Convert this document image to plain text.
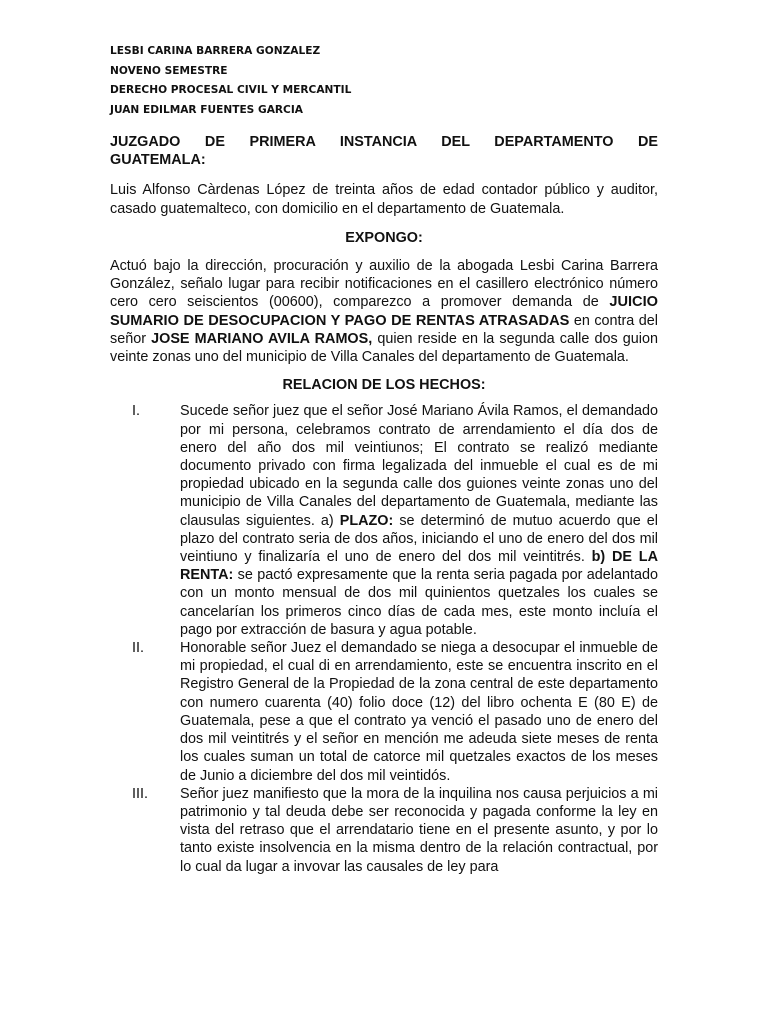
LESBI CARINA BARRERA GONZALEZ
NOVENO SEMESTRE
DERECHO PROCESAL CIVIL Y MERCANTIL
JUAN EDILMAR FUENTES GARCIA

JUZGADO DE PRIMERA INSTANCIA DEL DEPARTAMENTO DE
GUATEMALA:

Luis Alfonso Càrdenas López de treinta años de edad contador público y auditor, casado guatemalteco, con domicilio en el departamento de Guatemala.

EXPONGO:

Actuó bajo la dirección, procuración y auxilio de la abogada Lesbi Carina Barrera González, señalo lugar para recibir notificaciones en el casillero electrónico número cero cero seiscientos (00600), comparezco a promover demanda de JUICIO SUMARIO DE DESOCUPACION Y PAGO DE RENTAS ATRASADAS en contra del señor JOSE MARIANO AVILA RAMOS, quien reside en la segunda calle dos guion veinte zonas uno del municipio de Villa Canales del departamento de Guatemala.

RELACION DE LOS HECHOS:
I.	Sucede señor juez que el señor José Mariano Ávila Ramos, el demandado por mi persona, celebramos contrato de arrendamiento el día dos de enero del año dos mil veintiunos; El contrato se realizó mediante documento privado con firma legalizada del inmueble el cual es de mi propiedad ubicado en la segunda calle dos guiones veinte zonas uno del municipio de Villa Canales del departamento de Guatemala, mediante las clausulas siguientes. a) PLAZO: se determinó de mutuo acuerdo que el plazo del contrato seria de dos años, iniciando el uno de enero del dos mil veintiuno y finalizaría el uno de enero del dos mil veintitrés. b) DE LA RENTA: se pactó expresamente que la renta seria pagada por adelantado con un monto mensual de dos mil quinientos quetzales los cuales se cancelarían los primeros cinco días de cada mes, este monto incluía el pago por extracción de basura y agua potable.
II.	Honorable señor Juez el demandado se niega a desocupar el inmueble de mi propiedad, el cual di en arrendamiento, este se encuentra inscrito en el Registro General de la Propiedad de la zona central de este departamento con numero cuarenta (40) folio doce (12) del libro ochenta E (80 E) de Guatemala, pese a que el contrato ya venció el pasado uno de enero del dos mil veintitrés y el señor en mención me adeuda siete meses de renta los cuales suman un total de catorce mil quetzales exactos de los meses de Junio a diciembre del dos mil veintidós.
III. Señor juez manifiesto que la mora de la inquilina nos causa perjuicios a mi patrimonio y tal deuda debe ser reconocida y pagada conforme la ley en vista del retraso que el arrendatario tiene en el presente asunto, y por lo tanto existe insolvencia en la misma dentro de la relación contractual, por lo cual da lugar a invovar las causales de ley para
